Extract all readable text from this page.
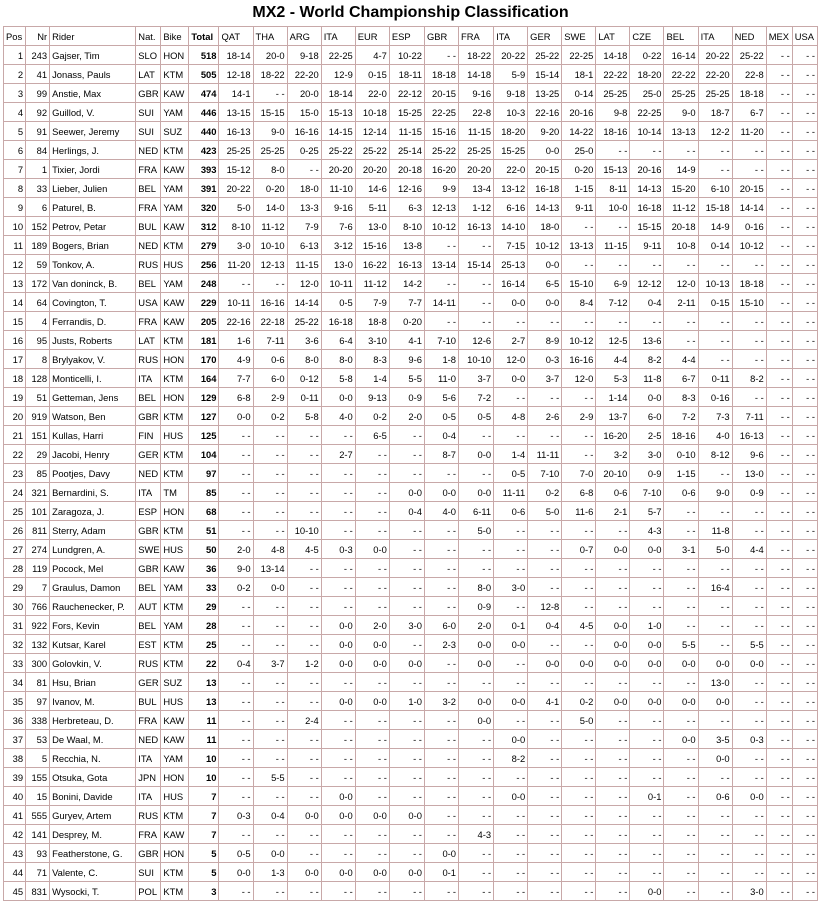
MX2 - World Championship Classification
Pos	Nr	Rider	Nat.	Bike	Total	QAT	THA	ARG	ITA	EUR	ESP	GBR	FRA	ITA	GER	SWE	LAT	CZE	BEL	ITA	NED	MEX	USA
1	243	Gajser, Tim	SLO	HON	518	18-14	20-0	9-18	22-25	4-7	10-22	- -	18-22	20-22	25-22	22-25	14-18	0-22	16-14	20-22	25-22	- -	- -
2	41	Jonass, Pauls	LAT	KTM	505	12-18	18-22	22-20	12-9	0-15	18-11	18-18	14-18	5-9	15-14	18-1	22-22	18-20	22-22	22-20	22-8	- -	- -
3	99	Anstie, Max	GBR	KAW	474	14-1	- -	20-0	18-14	22-0	22-12	20-15	9-16	9-18	13-25	0-14	25-25	25-0	25-25	25-25	18-18	- -	- -
4	92	Guillod, V.	SUI	YAM	446	13-15	15-15	15-0	15-13	10-18	15-25	22-25	22-8	10-3	22-16	20-16	9-8	22-25	9-0	18-7	6-7	- -	- -
5	91	Seewer, Jeremy	SUI	SUZ	440	16-13	9-0	16-16	14-15	12-14	11-15	15-16	11-15	18-20	9-20	14-22	18-16	10-14	13-13	12-2	11-20	- -	- -
6	84	Herlings, J.	NED	KTM	423	25-25	25-25	0-25	25-22	25-22	25-14	25-22	25-25	15-25	0-0	25-0	- -	- -	- -	- -	- -	- -	- -
7	1	Tixier, Jordi	FRA	KAW	393	15-12	8-0	- -	20-20	20-20	20-18	16-20	20-20	22-0	20-15	0-20	15-13	20-16	14-9	- -	- -	- -	- -
8	33	Lieber, Julien	BEL	YAM	391	20-22	0-20	18-0	11-10	14-6	12-16	9-9	13-4	13-12	16-18	1-15	8-11	14-13	15-20	6-10	20-15	- -	- -
9	6	Paturel, B.	FRA	YAM	320	5-0	14-0	13-3	9-16	5-11	6-3	12-13	1-12	6-16	14-13	9-11	10-0	16-18	11-12	15-18	14-14	- -	- -
10	152	Petrov, Petar	BUL	KAW	312	8-10	11-12	7-9	7-6	13-0	8-10	10-12	16-13	14-10	18-0	- -	- -	15-15	20-18	14-9	0-16	- -	- -
11	189	Bogers, Brian	NED	KTM	279	3-0	10-10	6-13	3-12	15-16	13-8	- -	- -	7-15	10-12	13-13	11-15	9-11	10-8	0-14	10-12	- -	- -
12	59	Tonkov, A.	RUS	HUS	256	11-20	12-13	11-15	13-0	16-22	16-13	13-14	15-14	25-13	0-0	- -	- -	- -	- -	- -	- -	- -	- -
13	172	Van doninck, B.	BEL	YAM	248	- -	- -	12-0	10-11	11-12	14-2	- -	- -	16-14	6-5	15-10	6-9	12-12	12-0	10-13	18-18	- -	- -
14	64	Covington, T.	USA	KAW	229	10-11	16-16	14-14	0-5	7-9	7-7	14-11	- -	0-0	0-0	8-4	7-12	0-4	2-11	0-15	15-10	- -	- -
15	4	Ferrandis, D.	FRA	KAW	205	22-16	22-18	25-22	16-18	18-8	0-20	- -	- -	- -	- -	- -	- -	- -	- -	- -	- -	- -	- -
16	95	Justs, Roberts	LAT	KTM	181	1-6	7-11	3-6	6-4	3-10	4-1	7-10	12-6	2-7	8-9	10-12	12-5	13-6	- -	- -	- -	- -	- -
17	8	Brylyakov, V.	RUS	HON	170	4-9	0-6	8-0	8-0	8-3	9-6	1-8	10-10	12-0	0-3	16-16	4-4	8-2	4-4	- -	- -	- -	- -
18	128	Monticelli, I.	ITA	KTM	164	7-7	6-0	0-12	5-8	1-4	5-5	11-0	3-7	0-0	3-7	12-0	5-3	11-8	6-7	0-11	8-2	- -	- -
19	51	Getteman, Jens	BEL	HON	129	6-8	2-9	0-11	0-0	9-13	0-9	5-6	7-2	- -	- -	- -	1-14	0-0	8-3	0-16	- -	- -	- -
20	919	Watson, Ben	GBR	KTM	127	0-0	0-2	5-8	4-0	0-2	2-0	0-5	0-5	4-8	2-6	2-9	13-7	6-0	7-2	7-3	7-11	- -	- -
21	151	Kullas, Harri	FIN	HUS	125	- -	- -	- -	- -	6-5	- -	0-4	- -	- -	- -	- -	16-20	2-5	18-16	4-0	16-13	- -	- -
22	29	Jacobi, Henry	GER	KTM	104	- -	- -	- -	2-7	- -	- -	8-7	0-0	1-4	11-11	- -	3-2	3-0	0-10	8-12	9-6	- -	- -
23	85	Pootjes, Davy	NED	KTM	97	- -	- -	- -	- -	- -	- -	- -	- -	0-5	7-10	7-0	20-10	0-9	1-15	- -	13-0	- -	- -
24	321	Bernardini, S.	ITA	TM	85	- -	- -	- -	- -	- -	0-0	0-0	0-0	11-11	0-2	6-8	0-6	7-10	0-6	9-0	0-9	- -	- -
25	101	Zaragoza, J.	ESP	HON	68	- -	- -	- -	- -	- -	0-4	4-0	6-11	0-6	5-0	11-6	2-1	5-7	- -	- -	- -	- -	- -
26	811	Sterry, Adam	GBR	KTM	51	- -	- -	10-10	- -	- -	- -	- -	5-0	- -	- -	- -	- -	4-3	- -	11-8	- -	- -	- -
27	274	Lundgren, A.	SWE	HUS	50	2-0	4-8	4-5	0-3	0-0	- -	- -	- -	- -	- -	0-7	0-0	0-0	3-1	5-0	4-4	- -	- -
28	119	Pocock, Mel	GBR	KAW	36	9-0	13-14	- -	- -	- -	- -	- -	- -	- -	- -	- -	- -	- -	- -	- -	- -	- -	- -
29	7	Graulus, Damon	BEL	YAM	33	0-2	0-0	- -	- -	- -	- -	- -	8-0	3-0	- -	- -	- -	- -	- -	16-4	- -	- -	- -
30	766	Rauchenecker, P.	AUT	KTM	29	- -	- -	- -	- -	- -	- -	- -	0-9	- -	12-8	- -	- -	- -	- -	- -	- -	- -	- -
31	922	Fors, Kevin	BEL	YAM	28	- -	- -	- -	0-0	2-0	3-0	6-0	2-0	0-1	0-4	4-5	0-0	1-0	- -	- -	- -	- -	- -
32	132	Kutsar, Karel	EST	KTM	25	- -	- -	- -	0-0	0-0	- -	2-3	0-0	0-0	- -	- -	0-0	0-0	5-5	- -	5-5	- -	- -
33	300	Golovkin, V.	RUS	KTM	22	0-4	3-7	1-2	0-0	0-0	0-0	- -	0-0	- -	0-0	0-0	0-0	0-0	0-0	0-0	0-0	- -	- -
34	81	Hsu, Brian	GER	SUZ	13	- -	- -	- -	- -	- -	- -	- -	- -	- -	- -	- -	- -	- -	- -	13-0	- -	- -	- -
35	97	Ivanov, M.	BUL	HUS	13	- -	- -	- -	0-0	0-0	1-0	3-2	0-0	0-0	4-1	0-2	0-0	0-0	0-0	0-0	- -	- -	- -
36	338	Herbreteau, D.	FRA	KAW	11	- -	- -	2-4	- -	- -	- -	- -	0-0	- -	- -	5-0	- -	- -	- -	- -	- -	- -	- -
37	53	De Waal, M.	NED	KAW	11	- -	- -	- -	- -	- -	- -	- -	- -	0-0	- -	- -	- -	- -	0-0	3-5	0-3	- -	- -
38	5	Recchia, N.	ITA	YAM	10	- -	- -	- -	- -	- -	- -	- -	- -	8-2	- -	- -	- -	- -	- -	0-0	- -	- -	- -
39	155	Otsuka, Gota	JPN	HON	10	- -	5-5	- -	- -	- -	- -	- -	- -	- -	- -	- -	- -	- -	- -	- -	- -	- -	- -
40	15	Bonini, Davide	ITA	HUS	7	- -	- -	- -	0-0	- -	- -	- -	- -	0-0	- -	- -	- -	0-1	- -	0-6	0-0	- -	- -
41	555	Guryev, Artem	RUS	KTM	7	0-3	0-4	0-0	0-0	0-0	0-0	- -	- -	- -	- -	- -	- -	- -	- -	- -	- -	- -	- -
42	141	Desprey, M.	FRA	KAW	7	- -	- -	- -	- -	- -	- -	- -	4-3	- -	- -	- -	- -	- -	- -	- -	- -	- -	- -
43	93	Featherstone, G.	GBR	HON	5	0-5	0-0	- -	- -	- -	- -	0-0	- -	- -	- -	- -	- -	- -	- -	- -	- -	- -	- -
44	71	Valente, C.	SUI	KTM	5	0-0	1-3	0-0	0-0	0-0	0-0	0-1	- -	- -	- -	- -	- -	- -	- -	- -	- -	- -	- -
45	831	Wysocki, T.	POL	KTM	3	- -	- -	- -	- -	- -	- -	- -	- -	- -	- -	- -	- -	0-0	- -	- -	3-0	- -	- -
